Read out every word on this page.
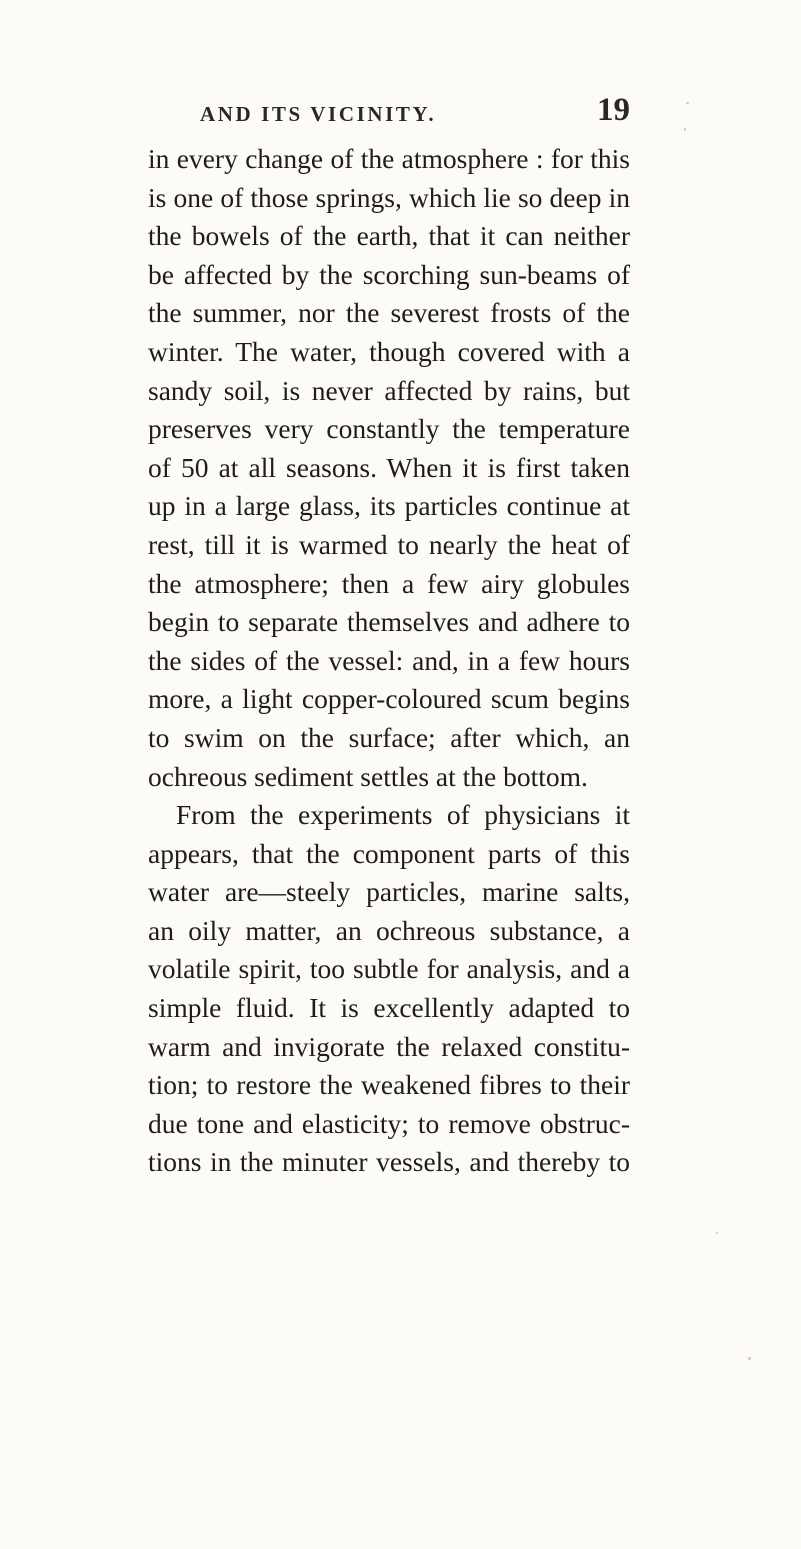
AND ITS VICINITY.	19
in every change of the atmosphere : for this
is one of those springs, which lie so deep in
the bowels of the earth, that it can neither
be affected by the scorching sun-beams of
the summer, nor the severest frosts of the
winter. The water, though covered with a
sandy soil, is never affected by rains, but
preserves very constantly the temperature
of 50 at all seasons. When it is first taken
up in a large glass, its particles continue at
rest, till it is warmed to nearly the heat of
the atmosphere; then a few airy globules
begin to separate themselves and adhere to
the sides of the vessel: and, in a few hours
more, a light copper-coloured scum begins
to swim on the surface; after which, an
ochreous sediment settles at the bottom.
From the experiments of physicians it
appears, that the component parts of this
water are—steely particles, marine salts,
an oily matter, an ochreous substance, a
volatile spirit, too subtle for analysis, and a
simple fluid. It is excellently adapted to
warm and invigorate the relaxed constitu-
tion; to restore the weakened fibres to their
due tone and elasticity; to remove obstruc-
tions in the minuter vessels, and thereby to
